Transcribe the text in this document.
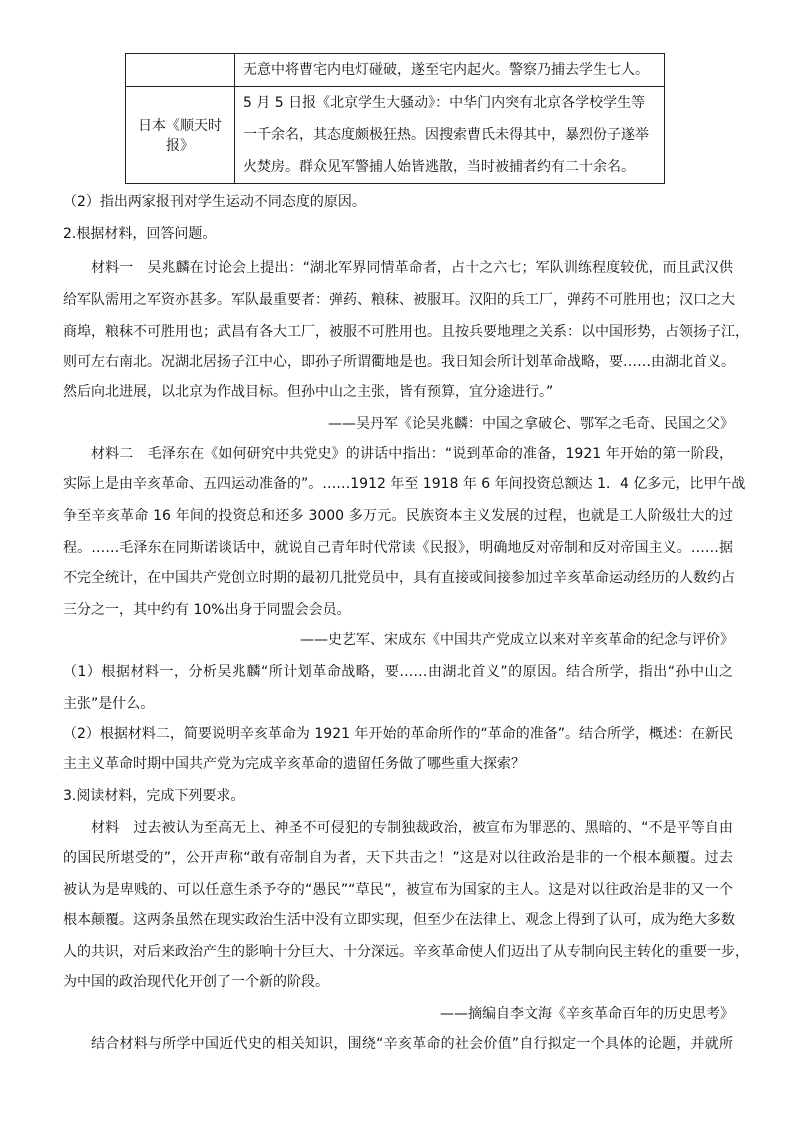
	无意中将曹宅内电灯碰破，遂至宅内起火。警察乃捕去学生七人。
日本《顺天时报》	5 月 5 日报《北京学生大骚动》：中华门内突有北京各学校学生等
一千余名，其态度颇极狂热。因搜索曹氏未得其中，暴烈份子遂举
火焚房。群众见军警捕人始皆逃散，当时被捕者约有二十余名。
（2）指出两家报刊对学生运动不同态度的原因。
2.根据材料，回答问题。
材料一　吴兆麟在讨论会上提出：“湖北军界同情革命者，占十之六七；军队训练程度较优，而且武汉供
给军队需用之军资亦甚多。军队最重要者：弹药、粮秣、被服耳。汉阳的兵工厂，弹药不可胜用也；汉口之大
商埠，粮秣不可胜用也；武昌有各大工厂，被服不可胜用也。且按兵要地理之关系：以中国形势，占领扬子江，
则可左右南北。况湖北居扬子江中心，即孙子所谓衢地是也。我日知会所计划革命战略，要……由湖北首义。
然后向北进展，以北京为作战目标。但孙中山之主张，皆有预算，宜分途进行。”
——吴丹军《论吴兆麟：中国之拿破仑、鄂军之毛奇、民国之父》
材料二　毛泽东在《如何研究中共党史》的讲话中指出：“说到革命的准备，1921 年开始的第一阶段，
实际上是由辛亥革命、五四运动准备的”。……1912 年至 1918 年 6 年间投资总额达 1．4 亿多元，比甲午战
争至辛亥革命 16 年间的投资总和还多 3000 多万元。民族资本主义发展的过程，也就是工人阶级壮大的过
程。……毛泽东在同斯诺谈话中，就说自己青年时代常读《民报》，明确地反对帝制和反对帝国主义。……据
不完全统计，在中国共产党创立时期的最初几批党员中，具有直接或间接参加过辛亥革命运动经历的人数约占
三分之一，其中约有 10%出身于同盟会会员。
——史艺军、宋成东《中国共产党成立以来对辛亥革命的纪念与评价》
（1）根据材料一，分析吴兆麟“所计划革命战略，要……由湖北首义”的原因。结合所学，指出“孙中山之
主张”是什么。
（2）根据材料二，简要说明辛亥革命为 1921 年开始的革命所作的“革命的准备”。结合所学，概述：在新民
主主义革命时期中国共产党为完成辛亥革命的遗留任务做了哪些重大探索？
3.阅读材料，完成下列要求。
材料　过去被认为至高无上、神圣不可侵犯的专制独裁政治，被宣布为罪恶的、黑暗的、“不是平等自由
的国民所堪受的”，公开声称“敢有帝制自为者，天下共击之！”这是对以往政治是非的一个根本颠覆。过去
被认为是卑贱的、可以任意生杀予夺的“愚民”“草民”，被宣布为国家的主人。这是对以往政治是非的又一个
根本颠覆。这两条虽然在现实政治生活中没有立即实现，但至少在法律上、观念上得到了认可，成为绝大多数
人的共识，对后来政治产生的影响十分巨大、十分深远。辛亥革命使人们迈出了从专制向民主转化的重要一步，
为中国的政治现代化开创了一个新的阶段。
——摘编自李文海《辛亥革命百年的历史思考》
结合材料与所学中国近代史的相关知识，围绕“辛亥革命的社会价值”自行拟定一个具体的论题，并就所
